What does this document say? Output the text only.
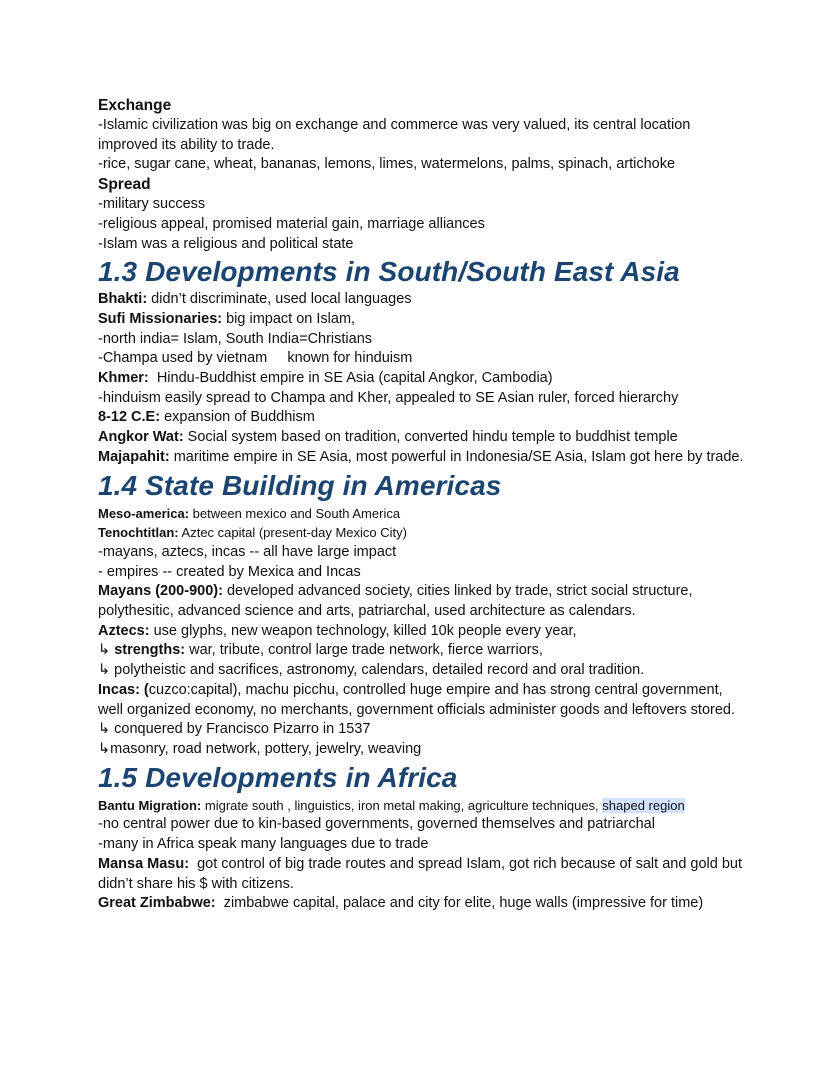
Exchange
-Islamic civilization was big on exchange and commerce was very valued, its central location improved its ability to trade.
-rice, sugar cane, wheat, bananas, lemons, limes, watermelons, palms, spinach, artichoke
Spread
-military success
-religious appeal, promised material gain, marriage alliances
-Islam was a religious and political state
1.3 Developments in South/South East Asia
Bhakti: didn’t discriminate, used local languages
Sufi Missionaries: big impact on Islam,
-north india= Islam, South India=Christians
-Champa used by vietnam     known for hinduism
Khmer:  Hindu-Buddhist empire in SE Asia (capital Angkor, Cambodia)
-hinduism easily spread to Champa and Kher, appealed to SE Asian ruler, forced hierarchy
8-12 C.E: expansion of Buddhism
Angkor Wat: Social system based on tradition, converted hindu temple to buddhist temple
Majapahit: maritime empire in SE Asia, most powerful in Indonesia/SE Asia, Islam got here by trade.
1.4 State Building in Americas
Meso-america: between mexico and South America
Tenochtitlan: Aztec capital (present-day Mexico City)
-mayans, aztecs, incas -- all have large impact
- empires -- created by Mexica and Incas
Mayans (200-900): developed advanced society, cities linked by trade, strict social structure, polythesitic, advanced science and arts, patriarchal, used architecture as calendars.
Aztecs: use glyphs, new weapon technology, killed 10k people every year,
↳ strengths: war, tribute, control large trade network, fierce warriors,
↳ polytheistic and sacrifices, astronomy, calendars, detailed record and oral tradition.
Incas: (cuzco:capital), machu picchu, controlled huge empire and has strong central government, well organized economy, no merchants, government officials administer goods and leftovers stored.
↳ conquered by Francisco Pizarro in 1537
↳masonry, road network, pottery, jewelry, weaving
1.5 Developments in Africa
Bantu Migration: migrate south , linguistics, iron metal making, agriculture techniques, shaped region
-no central power due to kin-based governments, governed themselves and patriarchal
-many in Africa speak many languages due to trade
Mansa Masu:  got control of big trade routes and spread Islam, got rich because of salt and gold but didn’t share his $ with citizens.
Great Zimbabwe:  zimbabwe capital, palace and city for elite, huge walls (impressive for time)
